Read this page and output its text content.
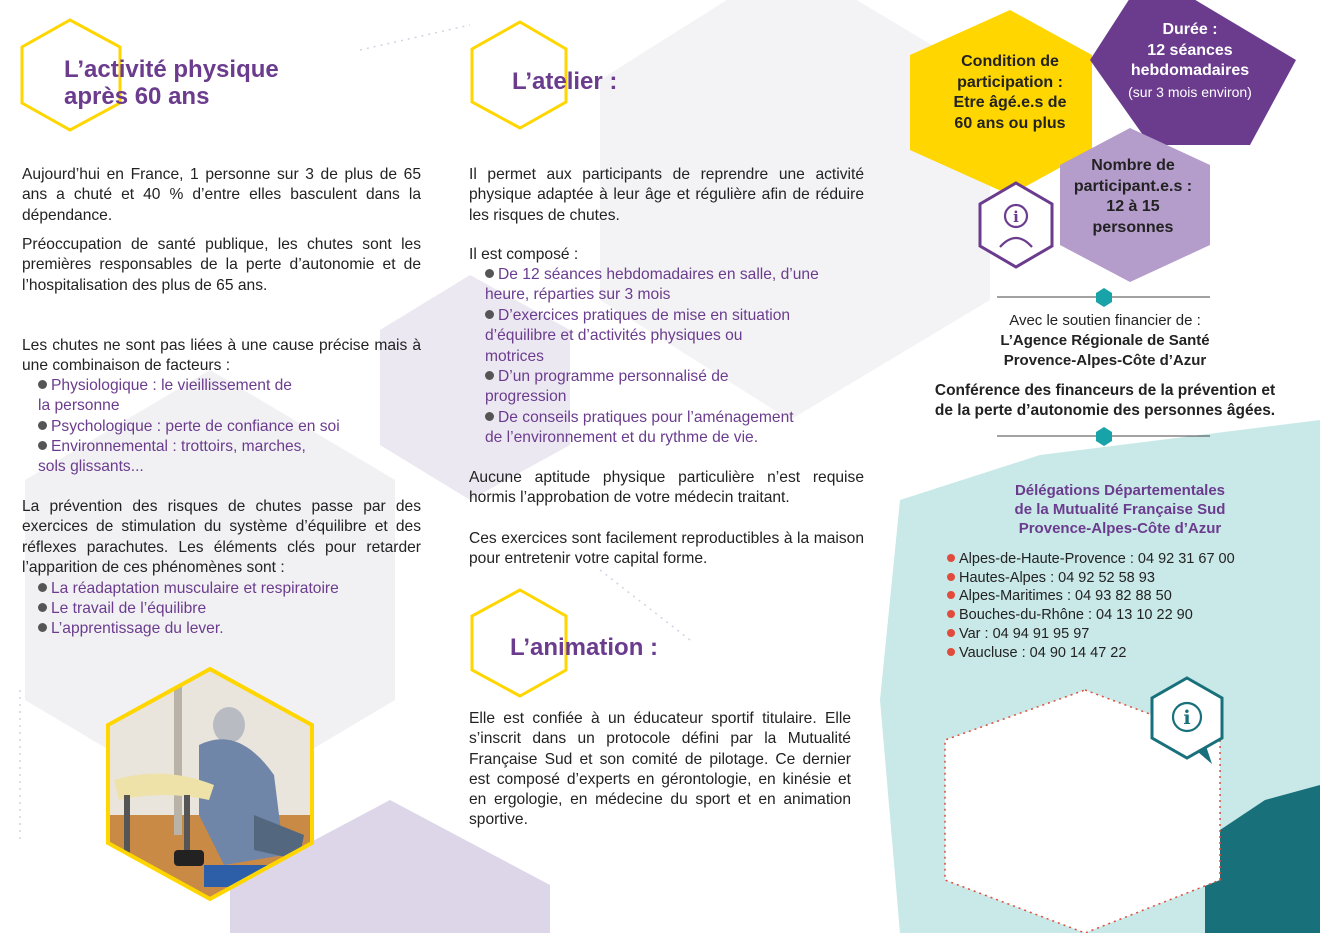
i
i
L’activité physique
après 60 ans

Aujourd’hui en France, 1 personne sur 3 de plus de 65 ans a chuté et 40 % d’entre elles basculent dans la dépendance.

Préoccupation de santé publique, les chutes sont les premières responsables de la perte d’autonomie et de l’hospitalisation des plus de 65 ans.

Les chutes ne sont pas liées à une cause précise mais à une combinaison de facteurs :

Physiologique : le vieillissement de
la personne
Psychologique : perte de confiance en soi
Environnemental : trottoirs, marches,
sols glissants...

La prévention des risques de chutes passe par des exercices de stimulation du système d’équilibre et des réflexes parachutes. Les éléments clés pour retarder l’apparition de ces phénomènes sont :

La réadaptation musculaire et respiratoire
Le travail de l’équilibre
L’apprentissage du lever.
L’atelier :

Il permet aux participants de reprendre une activité physique adaptée à leur âge et régulière afin de réduire les risques de chutes.

Il est composé :

De 12 séances hebdomadaires en salle, d’une
heure, réparties sur 3 mois
D’exercices pratiques de mise en situation
d’équilibre et d’activités physiques ou
motrices
D’un programme personnalisé de
progression
De conseils pratiques pour l’aménagement
de l’environnement et du rythme de vie.

Aucune aptitude physique particulière n’est requise hormis l’approbation de votre médecin traitant.

Ces exercices sont facilement reproductibles à la maison pour entretenir votre capital forme.

L’animation :

Elle est confiée à un éducateur sportif titulaire. Elle s’inscrit dans un protocole défini par la Mutualité Française Sud et son comité de pilotage. Ce dernier est composé d’experts en gérontologie, en kinésie et en ergologie, en médecine du sport et en animation sportive.

Condition de
participation :
Etre âgé.e.s de
60 ans ou plus
Durée :
12 séances
hebdomadaires
(sur 3 mois environ)
Nombre de
participant.e.s :
12 à 15
personnes
Avec le soutien financier de :
L’Agence Régionale de Santé
Provence-Alpes-Côte d’Azur
Conférence des financeurs de la prévention et
de la perte d’autonomie des personnes âgées.
Délégations Départementales
de la Mutualité Française Sud
Provence-Alpes-Côte d’Azur
Alpes-de-Haute-Provence : 04 92 31 67 00
Hautes-Alpes : 04 92 52 58 93
Alpes-Maritimes : 04 93 82 88 50
Bouches-du-Rhône : 04 13 10 22 90
Var : 04 94 91 95 97
Vaucluse : 04 90 14 47 22
